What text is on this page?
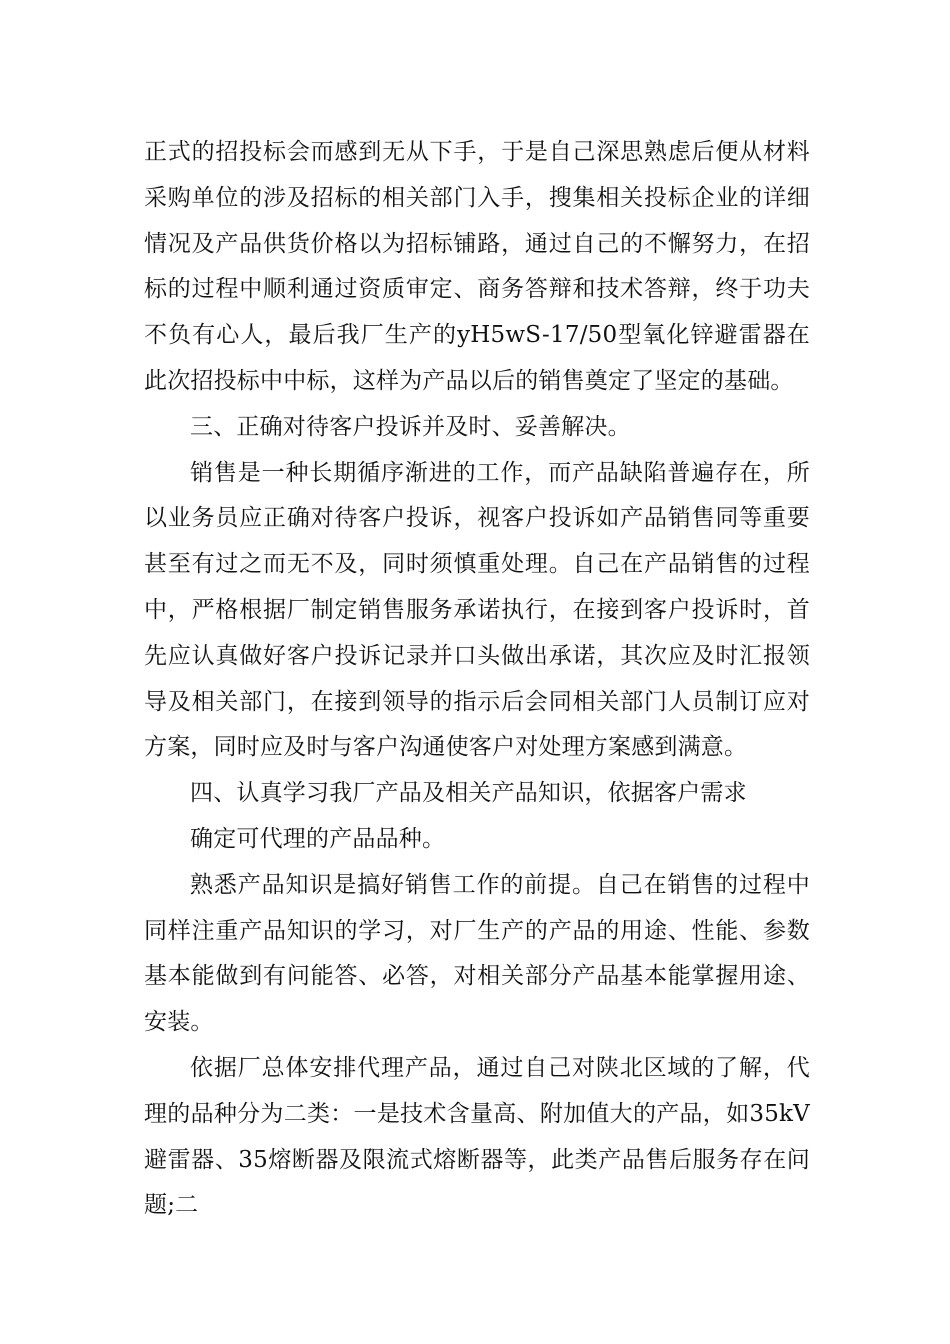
正式的招投标会而感到无从下手，于是自己深思熟虑后便从材料采购单位的涉及招标的相关部门入手，搜集相关投标企业的详细情况及产品供货价格以为招标铺路，通过自己的不懈努力，在招标的过程中顺利通过资质审定、商务答辩和技术答辩，终于功夫不负有心人，最后我厂生产的yH5wS-17/50型氧化锌避雷器在此次招投标中中标，这样为产品以后的销售奠定了坚定的基础。

三、正确对待客户投诉并及时、妥善解决。

销售是一种长期循序渐进的工作，而产品缺陷普遍存在，所以业务员应正确对待客户投诉，视客户投诉如产品销售同等重要甚至有过之而无不及，同时须慎重处理。自己在产品销售的过程中，严格根据厂制定销售服务承诺执行，在接到客户投诉时，首先应认真做好客户投诉记录并口头做出承诺，其次应及时汇报领导及相关部门，在接到领导的指示后会同相关部门人员制订应对方案，同时应及时与客户沟通使客户对处理方案感到满意。

四、认真学习我厂产品及相关产品知识，依据客户需求

确定可代理的产品品种。

熟悉产品知识是搞好销售工作的前提。自己在销售的过程中同样注重产品知识的学习，对厂生产的产品的用途、性能、参数基本能做到有问能答、必答，对相关部分产品基本能掌握用途、安装。

依据厂总体安排代理产品，通过自己对陕北区域的了解，代理的品种分为二类：一是技术含量高、附加值大的产品，如35kV避雷器、35熔断器及限流式熔断器等，此类产品售后服务存在问题;二
